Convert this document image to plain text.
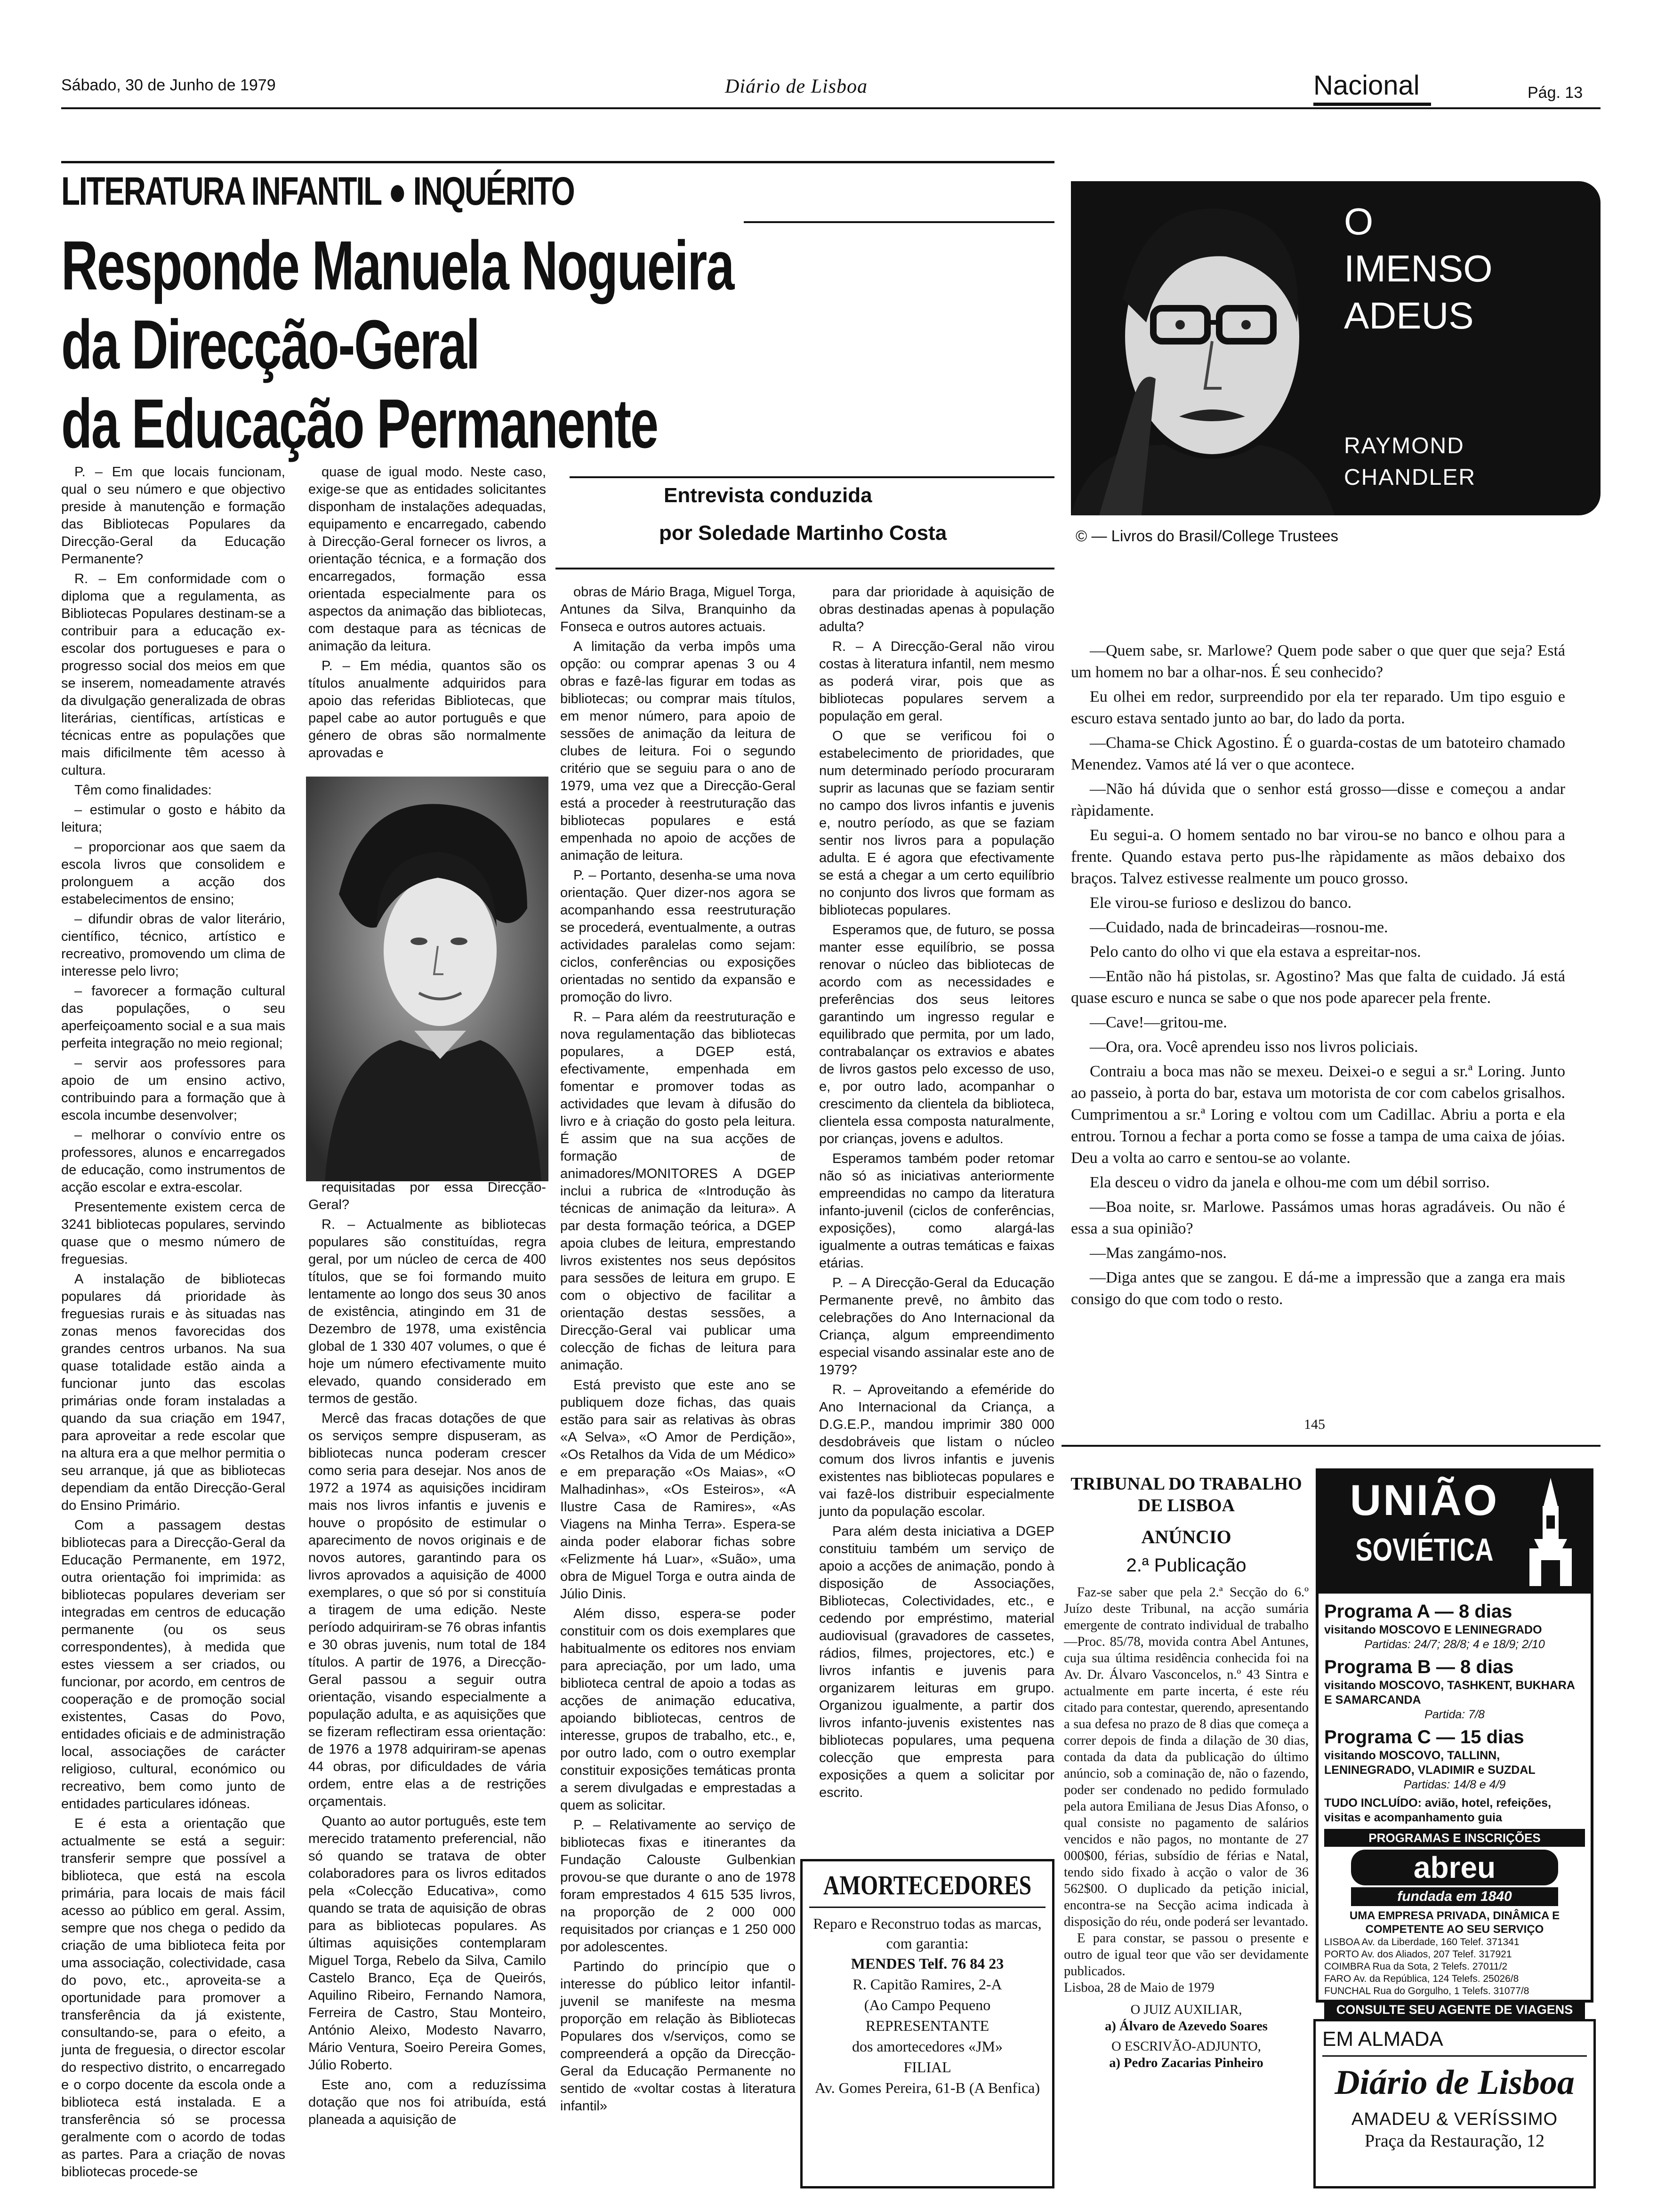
Sábado, 30 de Junho de 1979	Diário de Lisboa	Nacional	Pág. 13
LITERATURA INFANTIL ● INQUÉRITO
Responde Manuela Nogueira
da Direcção-Geral
da Educação Permanente
Entrevista conduzida
por Soledade Martinho Costa

P. – Em que locais funcionam, qual o seu número e que objectivo preside à manutenção e formação das Bibliotecas Populares da Direcção-Geral da Educação Permanente?

R. – Em conformidade com o diploma que a regulamenta, as Bibliotecas Populares destinam-se a contribuir para a educação ex-escolar dos portugueses e para o progresso social dos meios em que se inserem, nomeadamente através da divulgação generalizada de obras literárias, científicas, artísticas e técnicas entre as populações que mais dificilmente têm acesso à cultura.

Têm como finalidades:

– estimular o gosto e hábito da leitura;

– proporcionar aos que saem da escola livros que consolidem e prolonguem a acção dos estabelecimentos de ensino;

– difundir obras de valor literário, científico, técnico, artístico e recreativo, promovendo um clima de interesse pelo livro;

– favorecer a formação cultural das populações, o seu aperfeiçoamento social e a sua mais perfeita integração no meio regional;

– servir aos professores para apoio de um ensino activo, contribuindo para a formação que à escola incumbe desenvolver;

– melhorar o convívio entre os professores, alunos e encarregados de educação, como instrumentos de acção escolar e extra-escolar.

Presentemente existem cerca de 3241 bibliotecas populares, servindo quase que o mesmo número de freguesias.

A instalação de bibliotecas populares dá prioridade às freguesias rurais e às situadas nas zonas menos favorecidas dos grandes centros urbanos. Na sua quase totalidade estão ainda a funcionar junto das escolas primárias onde foram instaladas a quando da sua criação em 1947, para aproveitar a rede escolar que na altura era a que melhor permitia o seu arranque, já que as bibliotecas dependiam da então Direcção-Geral do Ensino Primário.

Com a passagem destas bibliotecas para a Direcção-Geral da Educação Permanente, em 1972, outra orientação foi imprimida: as bibliotecas populares deveriam ser integradas em centros de educação permanente (ou os seus correspondentes), à medida que estes viessem a ser criados, ou funcionar, por acordo, em centros de cooperação e de promoção social existentes, Casas do Povo, entidades oficiais e de administração local, associações de carácter religioso, cultural, económico ou recreativo, bem como junto de entidades particulares idóneas.

E é esta a orientação que actualmente se está a seguir: transferir sempre que possível a biblioteca, que está na escola primária, para locais de mais fácil acesso ao público em geral. Assim, sempre que nos chega o pedido da criação de uma biblioteca feita por uma associação, colectividade, casa do povo, etc., aproveita-se a oportunidade para promover a transferência da já existente, consultando-se, para o efeito, a junta de freguesia, o director escolar do respectivo distrito, o encarregado e o corpo docente da escola onde a biblioteca está instalada. E a transferência só se processa geralmente com o acordo de todas as partes. Para a criação de novas bibliotecas procede-se

quase de igual modo. Neste caso, exige-se que as entidades solicitantes disponham de instalações adequadas, equipamento e encarregado, cabendo à Direcção-Geral fornecer os livros, a orientação técnica, e a formação dos encarregados, formação essa orientada especialmente para os aspectos da animação das bibliotecas, com destaque para as técnicas de animação da leitura.

P. – Em média, quantos são os títulos anualmente adquiridos para apoio das referidas Bibliotecas, que papel cabe ao autor português e que género de obras são normalmente aprovadas e

requisitadas por essa Direcção-Geral?

R. – Actualmente as bibliotecas populares são constituídas, regra geral, por um núcleo de cerca de 400 títulos, que se foi formando muito lentamente ao longo dos seus 30 anos de existência, atingindo em 31 de Dezembro de 1978, uma existência global de 1 330 407 volumes, o que é hoje um número efectivamente muito elevado, quando considerado em termos de gestão.

Mercê das fracas dotações de que os serviços sempre dispuseram, as bibliotecas nunca poderam crescer como seria para desejar. Nos anos de 1972 a 1974 as aquisições incidiram mais nos livros infantis e juvenis e houve o propósito de estimular o aparecimento de novos originais e de novos autores, garantindo para os livros aprovados a aquisição de 4000 exemplares, o que só por si constituía a tiragem de uma edição. Neste período adquiriram-se 76 obras infantis e 30 obras juvenis, num total de 184 títulos. A partir de 1976, a Direcção-Geral passou a seguir outra orientação, visando especialmente a população adulta, e as aquisições que se fizeram reflectiram essa orientação: de 1976 a 1978 adquiriram-se apenas 44 obras, por dificuldades de vária ordem, entre elas a de restrições orçamentais.

Quanto ao autor português, este tem merecido tratamento preferencial, não só quando se tratava de obter colaboradores para os livros editados pela «Colecção Educativa», como quando se trata de aquisição de obras para as bibliotecas populares. As últimas aquisições contemplaram Miguel Torga, Rebelo da Silva, Camilo Castelo Branco, Eça de Queirós, Aquilino Ribeiro, Fernando Namora, Ferreira de Castro, Stau Monteiro, António Aleixo, Modesto Navarro, Mário Ventura, Soeiro Pereira Gomes, Júlio Roberto.

Este ano, com a reduzíssima dotação que nos foi atribuída, está planeada a aquisição de

obras de Mário Braga, Miguel Torga, Antunes da Silva, Branquinho da Fonseca e outros autores actuais.

A limitação da verba impôs uma opção: ou comprar apenas 3 ou 4 obras e fazê-las figurar em todas as bibliotecas; ou comprar mais títulos, em menor número, para apoio de sessões de animação da leitura de clubes de leitura. Foi o segundo critério que se seguiu para o ano de 1979, uma vez que a Direcção-Geral está a proceder à reestruturação das bibliotecas populares e está empenhada no apoio de acções de animação de leitura.

P. – Portanto, desenha-se uma nova orientação. Quer dizer-nos agora se acompanhando essa reestruturação se procederá, eventualmente, a outras actividades paralelas como sejam: ciclos, conferências ou exposições orientadas no sentido da expansão e promoção do livro.

R. – Para além da reestruturação e nova regulamentação das bibliotecas populares, a DGEP está, efectivamente, empenhada em fomentar e promover todas as actividades que levam à difusão do livro e à criação do gosto pela leitura. É assim que na sua acções de formação de animadores/MONITORES A DGEP inclui a rubrica de «Introdução às técnicas de animação da leitura». A par desta formação teórica, a DGEP apoia clubes de leitura, emprestando livros existentes nos seus depósitos para sessões de leitura em grupo. E com o objectivo de facilitar a orientação destas sessões, a Direcção-Geral vai publicar uma colecção de fichas de leitura para animação.

Está previsto que este ano se publiquem doze fichas, das quais estão para sair as relativas às obras «A Selva», «O Amor de Perdição», «Os Retalhos da Vida de um Médico» e em preparação «Os Maias», «O Malhadinhas», «Os Esteiros», «A Ilustre Casa de Ramires», «As Viagens na Minha Terra». Espera-se ainda poder elaborar fichas sobre «Felizmente há Luar», «Suão», uma obra de Miguel Torga e outra ainda de Júlio Dinis.

Além disso, espera-se poder constituir com os dois exemplares que habitualmente os editores nos enviam para apreciação, por um lado, uma biblioteca central de apoio a todas as acções de animação educativa, apoiando bibliotecas, centros de interesse, grupos de trabalho, etc., e, por outro lado, com o outro exemplar constituir exposições temáticas pronta a serem divulgadas e emprestadas a quem as solicitar.

P. – Relativamente ao serviço de bibliotecas fixas e itinerantes da Fundação Calouste Gulbenkian provou-se que durante o ano de 1978 foram emprestados 4 615 535 livros, na proporção de 2 000 000 requisitados por crianças e 1 250 000 por adolescentes.

Partindo do princípio que o interesse do público leitor infantil-juvenil se manifeste na mesma proporção em relação às Bibliotecas Populares dos v/serviços, como se compreenderá a opção da Direcção-Geral da Educação Permanente no sentido de «voltar costas à literatura infantil»

para dar prioridade à aquisição de obras destinadas apenas à população adulta?

R. – A Direcção-Geral não virou costas à literatura infantil, nem mesmo as poderá virar, pois que as bibliotecas populares servem a população em geral.

O que se verificou foi o estabelecimento de prioridades, que num determinado período procuraram suprir as lacunas que se faziam sentir no campo dos livros infantis e juvenis e, noutro período, as que se faziam sentir nos livros para a população adulta. E é agora que efectivamente se está a chegar a um certo equilíbrio no conjunto dos livros que formam as bibliotecas populares.

Esperamos que, de futuro, se possa manter esse equilíbrio, se possa renovar o núcleo das bibliotecas de acordo com as necessidades e preferências dos seus leitores garantindo um ingresso regular e equilibrado que permita, por um lado, contrabalançar os extravios e abates de livros gastos pelo excesso de uso, e, por outro lado, acompanhar o crescimento da clientela da biblioteca, clientela essa composta naturalmente, por crianças, jovens e adultos.

Esperamos também poder retomar não só as iniciativas anteriormente empreendidas no campo da literatura infanto-juvenil (ciclos de conferências, exposições), como alargá-las igualmente a outras temáticas e faixas etárias.

P. – A Direcção-Geral da Educação Permanente prevê, no âmbito das celebrações do Ano Internacional da Criança, algum empreendimento especial visando assinalar este ano de 1979?

R. – Aproveitando a efeméride do Ano Internacional da Criança, a D.G.E.P., mandou imprimir 380 000 desdobráveis que listam o núcleo comum dos livros infantis e juvenis existentes nas bibliotecas populares e vai fazê-los distribuir especialmente junto da população escolar.

Para além desta iniciativa a DGEP constituiu também um serviço de apoio a acções de animação, pondo à disposição de Associações, Bibliotecas, Colectividades, etc., e cedendo por empréstimo, material audiovisual (gravadores de cassetes, rádios, filmes, projectores, etc.) e livros infantis e juvenis para organizarem leituras em grupo. Organizou igualmente, a partir dos livros infanto-juvenis existentes nas bibliotecas populares, uma pequena colecção que empresta para exposições a quem a solicitar por escrito.

AMORTECEDORES
Reparo e Reconstruo todas as marcas, com garantia:
MENDES Telf. 76 84 23
R. Capitão Ramires, 2-A
(Ao Campo Pequeno
REPRESENTANTE
dos amortecedores «JM»
FILIAL
Av. Gomes Pereira, 61-B (A Benfica)
O
IMENSO
ADEUS
RAYMOND
CHANDLER
© — Livros do Brasil/College Trustees

—Quem sabe, sr. Marlowe? Quem pode saber o que quer que seja? Está um homem no bar a olhar-nos. É seu conhecido?

Eu olhei em redor, surpreendido por ela ter reparado. Um tipo esguio e escuro estava sentado junto ao bar, do lado da porta.

—Chama-se Chick Agostino. É o guarda-costas de um batoteiro chamado Menendez. Vamos até lá ver o que acontece.

—Não há dúvida que o senhor está grosso—disse e começou a andar ràpidamente.

Eu segui-a. O homem sentado no bar virou-se no banco e olhou para a frente. Quando estava perto pus-lhe ràpidamente as mãos debaixo dos braços. Talvez estivesse realmente um pouco grosso.

Ele virou-se furioso e deslizou do banco.

—Cuidado, nada de brincadeiras—rosnou-me.

Pelo canto do olho vi que ela estava a espreitar-nos.

—Então não há pistolas, sr. Agostino? Mas que falta de cuidado. Já está quase escuro e nunca se sabe o que nos pode aparecer pela frente.

—Cave!—gritou-me.

—Ora, ora. Você aprendeu isso nos livros policiais.

Contraiu a boca mas não se mexeu. Deixei-o e segui a sr.ª Loring. Junto ao passeio, à porta do bar, estava um motorista de cor com cabelos grisalhos. Cumprimentou a sr.ª Loring e voltou com um Cadillac. Abriu a porta e ela entrou. Tornou a fechar a porta como se fosse a tampa de uma caixa de jóias. Deu a volta ao carro e sentou-se ao volante.

Ela desceu o vidro da janela e olhou-me com um débil sorriso.

—Boa noite, sr. Marlowe. Passámos umas horas agradáveis. Ou não é essa a sua opinião?

—Mas zangámo-nos.

—Diga antes que se zangou. E dá-me a impressão que a zanga era mais consigo do que com todo o resto.

145
TRIBUNAL DO TRABALHO
DE LISBOA
ANÚNCIO
2.ª Publicação
Faz-se saber que pela 2.ª Secção do 6.º Juízo deste Tribunal, na acção sumária emergente de contrato individual de trabalho—Proc. 85/78, movida contra Abel Antunes, cuja sua última residência conhecida foi na Av. Dr. Álvaro Vasconcelos, n.º 43 Sintra e actualmente em parte incerta, é este réu citado para contestar, querendo, apresentando a sua defesa no prazo de 8 dias que começa a correr depois de finda a dilação de 30 dias, contada da data da publicação do último anúncio, sob a cominação de, não o fazendo, poder ser condenado no pedido formulado pela autora Emiliana de Jesus Dias Afonso, o qual consiste no pagamento de salários vencidos e não pagos, no montante de 27 000$00, férias, subsídio de férias e Natal, tendo sido fixado à acção o valor de 36 562$00. O duplicado da petição inicial, encontra-se na Secção acima indicada à disposição do réu, onde poderá ser levantado.
E para constar, se passou o presente e outro de igual teor que vão ser devidamente publicados.
Lisboa, 28 de Maio de 1979
O JUIZ AUXILIAR,
a) Álvaro de Azevedo Soares
O ESCRIVÃO-ADJUNTO,
a) Pedro Zacarias Pinheiro
UNIÃO
SOVIÉTICA
Programa A — 8 dias
visitando MOSCOVO E LENINEGRADO
Partidas: 24/7; 28/8; 4 e 18/9; 2/10
Programa B — 8 dias
visitando MOSCOVO, TASHKENT, BUKHARA E SAMARCANDA
Partida: 7/8
Programa C — 15 dias
visitando MOSCOVO, TALLINN, LENINEGRADO, VLADIMIR e SUZDAL
Partidas: 14/8 e 4/9
TUDO INCLUÍDO: avião, hotel, refeições, visitas e acompanhamento guia
PROGRAMAS E INSCRIÇÕES
abreu
fundada em 1840
UMA EMPRESA PRIVADA, DINÂMICA E COMPETENTE AO SEU SERVIÇO
LISBOA Av. da Liberdade, 160 Telef. 371341
PORTO Av. dos Aliados, 207 Telef. 317921
COIMBRA Rua da Sota, 2 Telefs. 27011/2
FARO Av. da República, 124 Telefs. 25026/8
FUNCHAL Rua do Gorgulho, 1 Telefs. 31077/8
CONSULTE SEU AGENTE DE VIAGENS
EM ALMADA
Diário de Lisboa
AMADEU & VERÍSSIMO
Praça da Restauração, 12
